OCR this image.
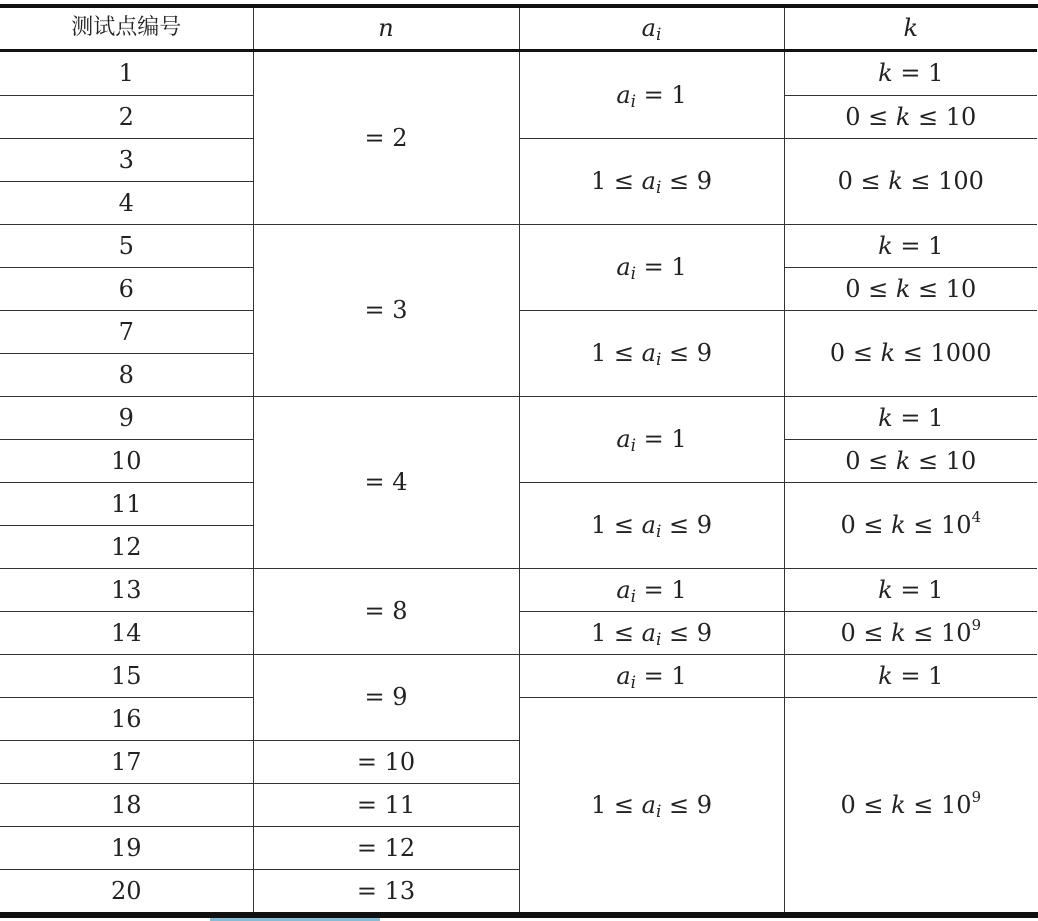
测试点编号	n	$a_i$	k
1	= 2	$a_i = 1$	k = 1
2			0 ≤ k ≤ 10
3		$1 \le a_i \le 9$	0 ≤ k ≤ 100
4			
5	= 3	$a_i = 1$	k = 1
6			0 ≤ k ≤ 10
7		$1 \le a_i \le 9$	0 ≤ k ≤ 1000
8			
9	= 4	$a_i = 1$	k = 1
10			0 ≤ k ≤ 10
11		$1 \le a_i \le 9$	$0 \le k \le 10^4$
12			
13	= 8	$a_i = 1$	k = 1
14		$1 \le a_i \le 9$	$0 \le k \le 10^9$
15	= 9	$a_i = 1$	k = 1
16		$1 \le a_i \le 9$	$0 \le k \le 10^9$
17	= 10		
18	= 11		
19	= 12		
20	= 13		
